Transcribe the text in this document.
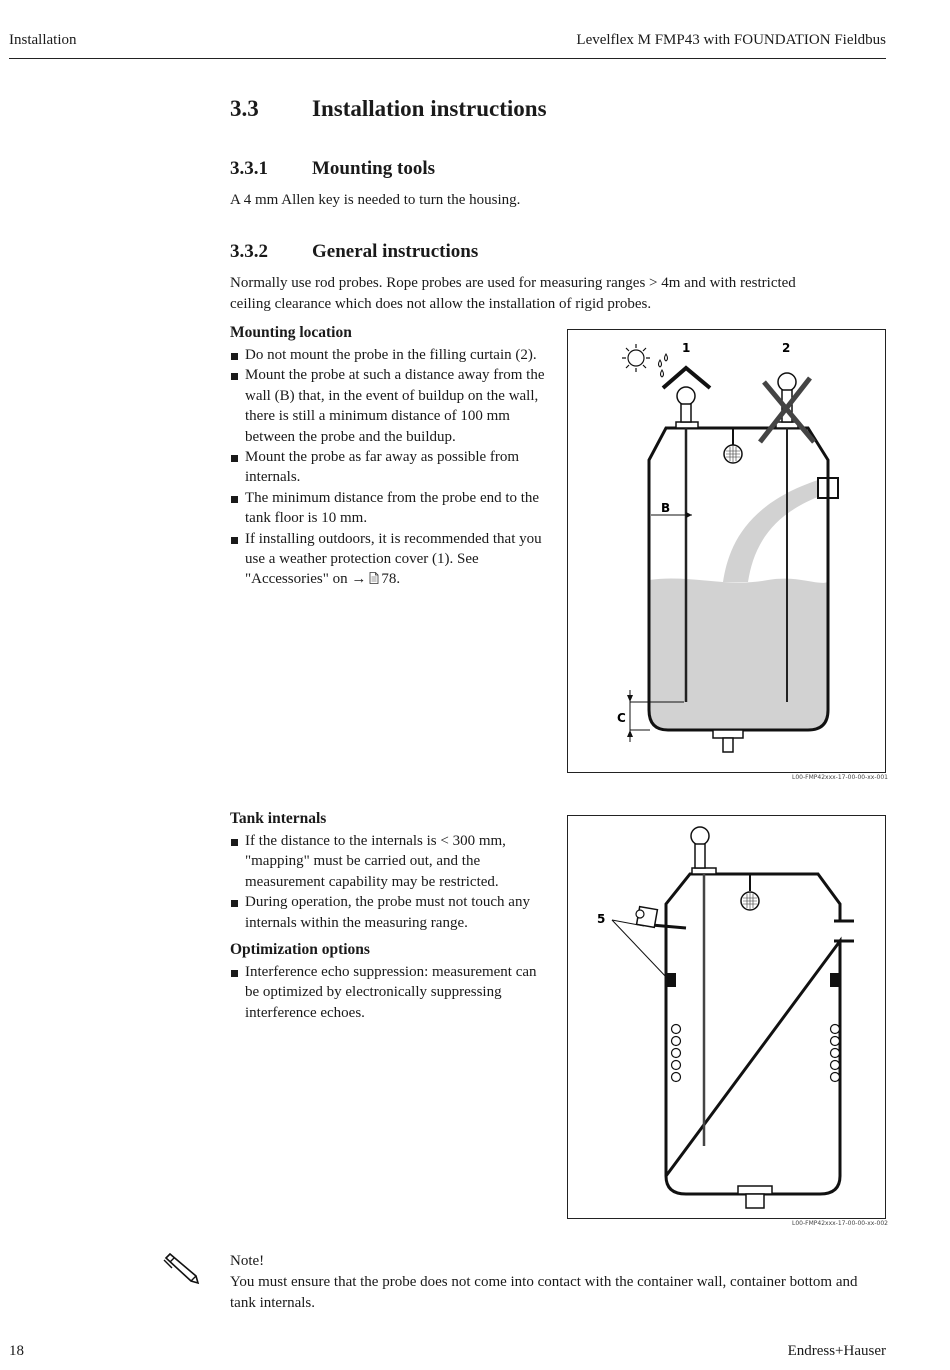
Installation	Levelflex M FMP43 with FOUNDATION Fieldbus
3.3 Installation instructions
3.3.1 Mounting tools
A 4 mm Allen key is needed to turn the housing.
3.3.2 General instructions
Normally use rod probes. Rope probes are used for measuring ranges > 4m and with restricted
ceiling clearance which does not allow the installation of rigid probes.
Mounting location
Do not mount the probe in the filling curtain (2).
Mount the probe at such a distance away from the wall (B) that, in the event of buildup on the wall, there is still a minimum distance of 100 mm between the probe and the buildup.
Mount the probe as far away as possible from internals.
The minimum distance from the probe end to the tank floor is 10 mm.
If installing outdoors, it is recommended that you use a weather protection cover (1). See
"Accessories" on → 78.
1	2
B
C
L00-FMP42xxx-17-00-00-xx-001
Tank internals
If the distance to the internals is < 300 mm, "mapping" must be carried out, and the measurement capability may be restricted.
During operation, the probe must not touch any internals within the measuring range.
Optimization options
Interference echo suppression: measurement can be optimized by electronically suppressing interference echoes.
5
L00-FMP42xxx-17-00-00-xx-002
Note!
You must ensure that the probe does not come into contact with the container wall, container bottom and tank internals.
18	Endress+Hauser
